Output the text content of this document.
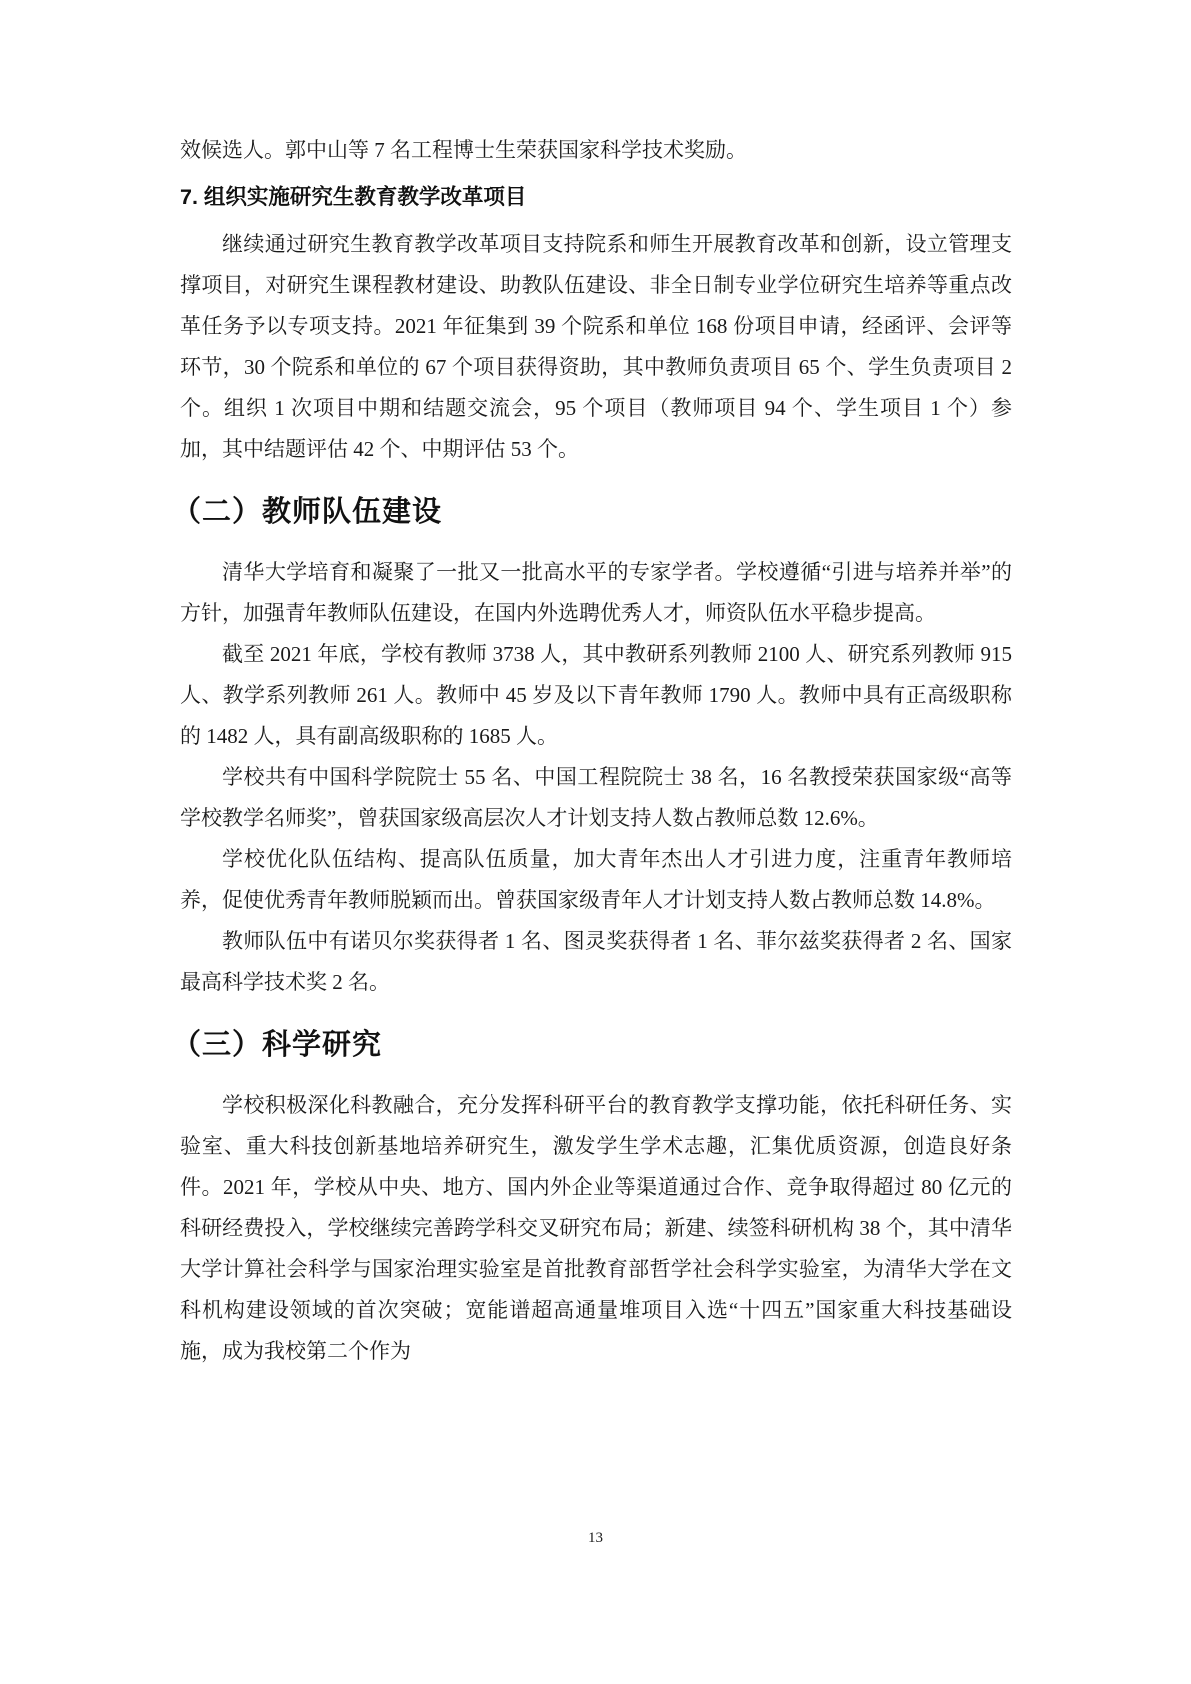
效候选人。郭中山等 7 名工程博士生荣获国家科学技术奖励。
7. 组织实施研究生教育教学改革项目
继续通过研究生教育教学改革项目支持院系和师生开展教育改革和创新，设立管理支撑项目，对研究生课程教材建设、助教队伍建设、非全日制专业学位研究生培养等重点改革任务予以专项支持。2021 年征集到 39 个院系和单位 168 份项目申请，经函评、会评等环节，30 个院系和单位的 67 个项目获得资助，其中教师负责项目 65 个、学生负责项目 2 个。组织 1 次项目中期和结题交流会，95 个项目（教师项目 94 个、学生项目 1 个）参加，其中结题评估 42 个、中期评估 53 个。
（二）教师队伍建设
清华大学培育和凝聚了一批又一批高水平的专家学者。学校遵循“引进与培养并举”的方针，加强青年教师队伍建设，在国内外选聘优秀人才，师资队伍水平稳步提高。
截至 2021 年底，学校有教师 3738 人，其中教研系列教师 2100 人、研究系列教师 915 人、教学系列教师 261 人。教师中 45 岁及以下青年教师 1790 人。教师中具有正高级职称的 1482 人，具有副高级职称的 1685 人。
学校共有中国科学院院士 55 名、中国工程院院士 38 名，16 名教授荣获国家级“高等学校教学名师奖”，曾获国家级高层次人才计划支持人数占教师总数 12.6%。
学校优化队伍结构、提高队伍质量，加大青年杰出人才引进力度，注重青年教师培养，促使优秀青年教师脱颖而出。曾获国家级青年人才计划支持人数占教师总数 14.8%。
教师队伍中有诺贝尔奖获得者 1 名、图灵奖获得者 1 名、菲尔兹奖获得者 2 名、国家最高科学技术奖 2 名。
（三）科学研究
学校积极深化科教融合，充分发挥科研平台的教育教学支撑功能，依托科研任务、实验室、重大科技创新基地培养研究生，激发学生学术志趣，汇集优质资源，创造良好条件。2021 年，学校从中央、地方、国内外企业等渠道通过合作、竞争取得超过 80 亿元的科研经费投入，学校继续完善跨学科交叉研究布局；新建、续签科研机构 38 个，其中清华大学计算社会科学与国家治理实验室是首批教育部哲学社会科学实验室，为清华大学在文科机构建设领域的首次突破；宽能谱超高通量堆项目入选“十四五”国家重大科技基础设施，成为我校第二个作为
13
